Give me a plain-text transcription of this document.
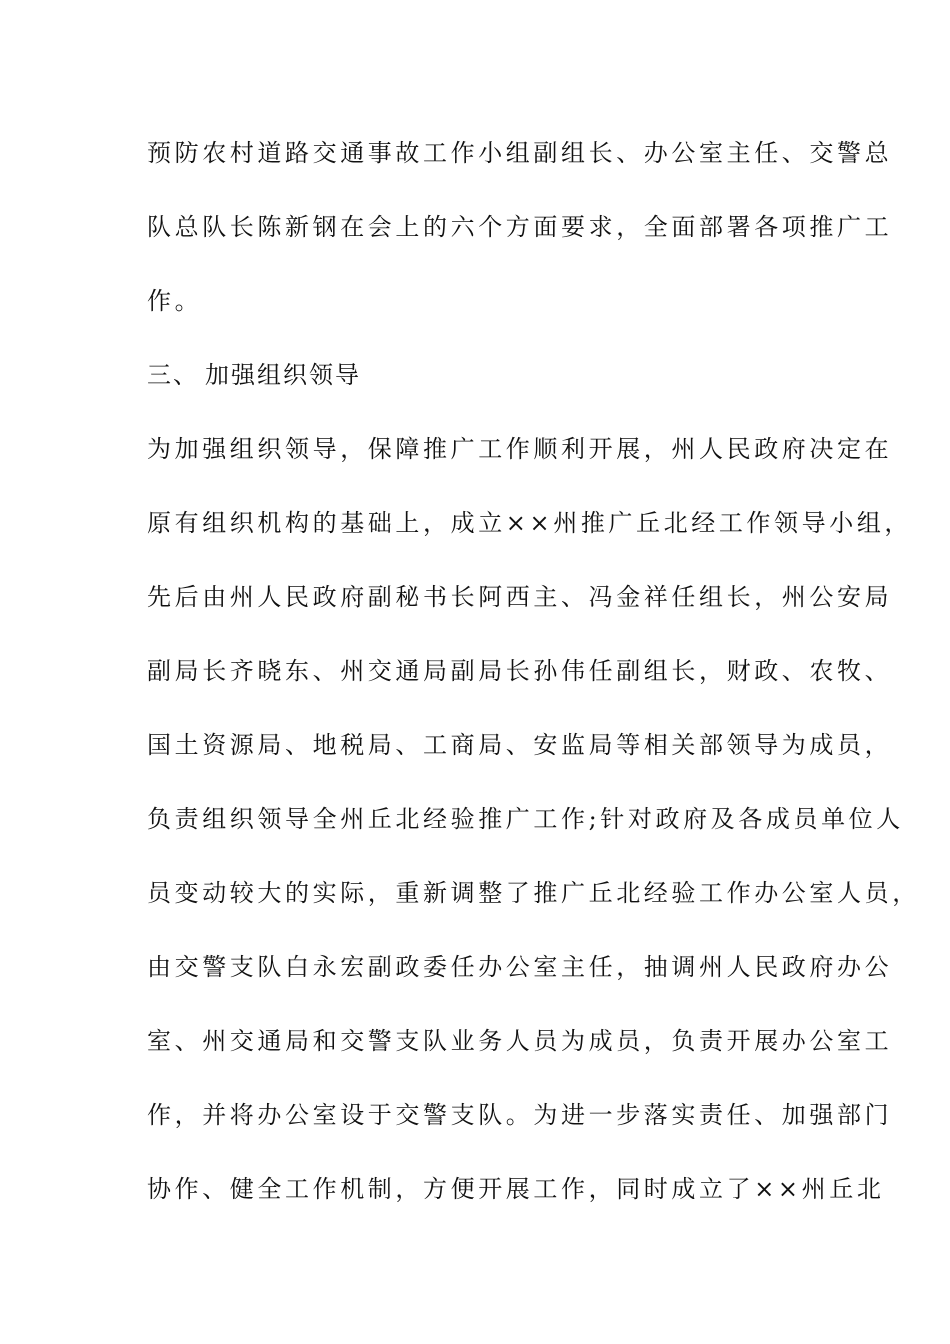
预防农村道路交通事故工作小组副组长、办公室主任、交警总
队总队长陈新钢在会上的六个方面要求，全面部署各项推广工
作。
三、 加强组织领导
为加强组织领导，保障推广工作顺利开展，州人民政府决定在
原有组织机构的基础上，成立××州推广丘北经工作领导小组，
先后由州人民政府副秘书长阿西主、冯金祥任组长，州公安局
副局长齐晓东、州交通局副局长孙伟任副组长，财政、农牧、
国土资源局、地税局、工商局、安监局等相关部领导为成员，
负责组织领导全州丘北经验推广工作;针对政府及各成员单位人
员变动较大的实际，重新调整了推广丘北经验工作办公室人员，
由交警支队白永宏副政委任办公室主任，抽调州人民政府办公
室、州交通局和交警支队业务人员为成员，负责开展办公室工
作，并将办公室设于交警支队。为进一步落实责任、加强部门
协作、健全工作机制，方便开展工作，同时成立了××州丘北
